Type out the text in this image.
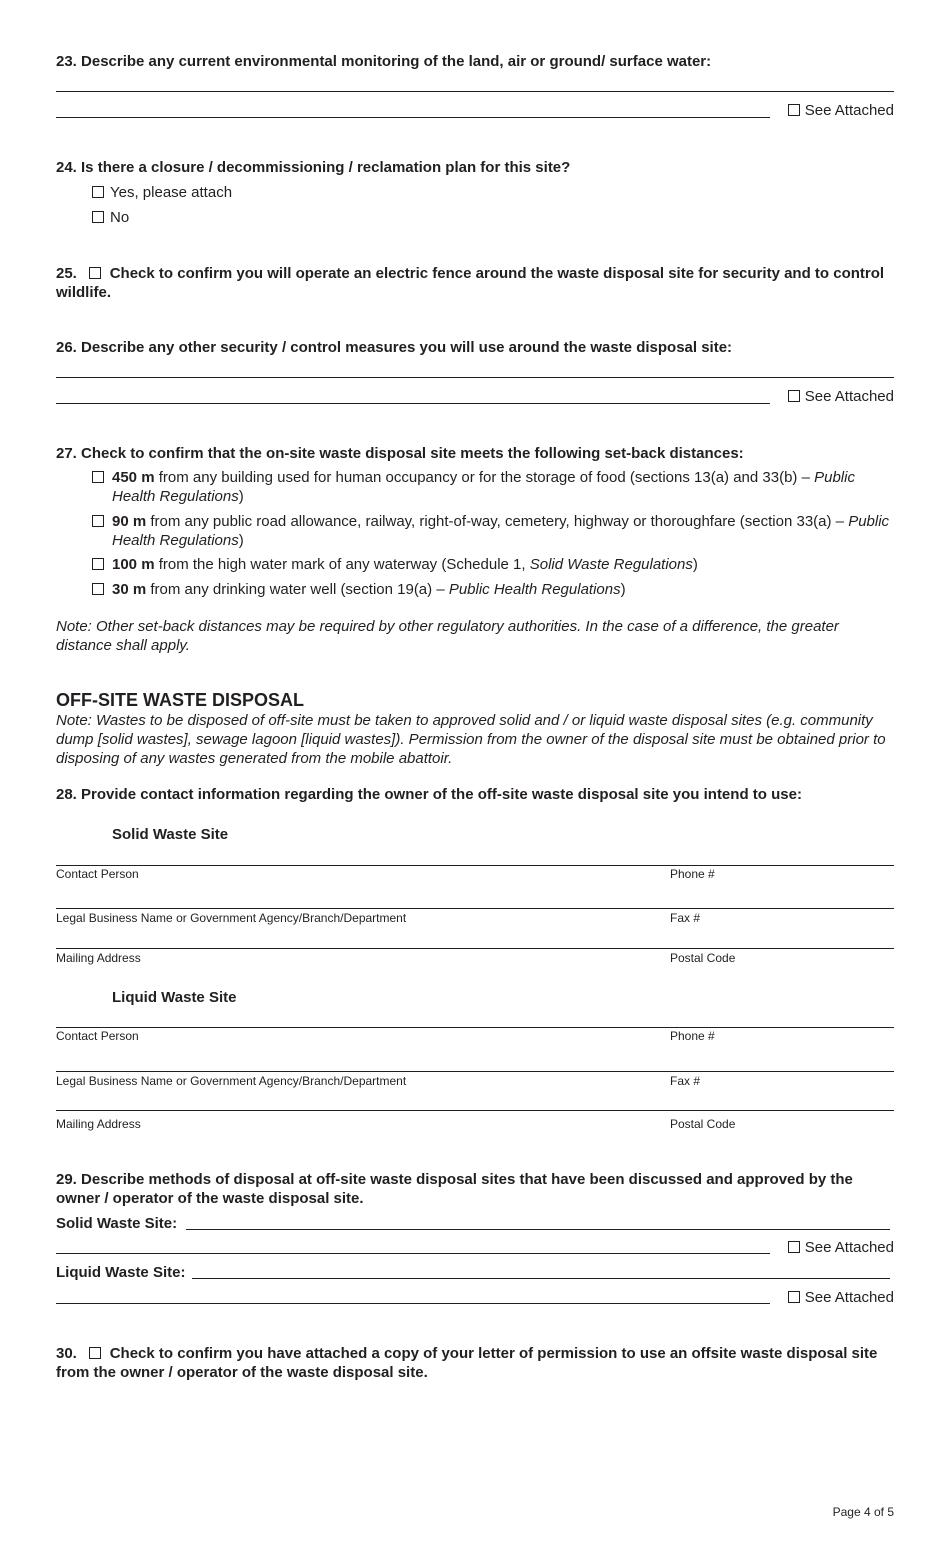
23. Describe any current environmental monitoring of the land, air or ground/ surface water:
See Attached
24. Is there a closure / decommissioning / reclamation plan for this site?
Yes, please attach
No
25. Check to confirm you will operate an electric fence around the waste disposal site for security and to control wildlife.
26. Describe any other security / control measures you will use around the waste disposal site:
See Attached
27. Check to confirm that the on-site waste disposal site meets the following set-back distances:
450 m from any building used for human occupancy or for the storage of food (sections 13(a) and 33(b) – Public Health Regulations)
90 m from any public road allowance, railway, right-of-way, cemetery, highway or thoroughfare (section 33(a) – Public Health Regulations)
100 m from the high water mark of any waterway (Schedule 1, Solid Waste Regulations)
30 m from any drinking water well (section 19(a) – Public Health Regulations)
Note: Other set-back distances may be required by other regulatory authorities. In the case of a difference, the greater distance shall apply.
OFF-SITE WASTE DISPOSAL
Note: Wastes to be disposed of off-site must be taken to approved solid and / or liquid waste disposal sites (e.g. community dump [solid wastes], sewage lagoon [liquid wastes]). Permission from the owner of the disposal site must be obtained prior to disposing of any wastes generated from the mobile abattoir.
28. Provide contact information regarding the owner of the off-site waste disposal site you intend to use:
Solid Waste Site
Contact Person	Phone #
Legal Business Name or Government Agency/Branch/Department	Fax #
Mailing Address	Postal Code
Liquid Waste Site
Contact Person	Phone #
Legal Business Name or Government Agency/Branch/Department	Fax #
Mailing Address	Postal Code
29. Describe methods of disposal at off-site waste disposal sites that have been discussed and approved by the owner / operator of the waste disposal site.
Solid Waste Site:
See Attached
Liquid Waste Site:
See Attached
30. Check to confirm you have attached a copy of your letter of permission to use an offsite waste disposal site from the owner / operator of the waste disposal site.
Page 4 of 5
